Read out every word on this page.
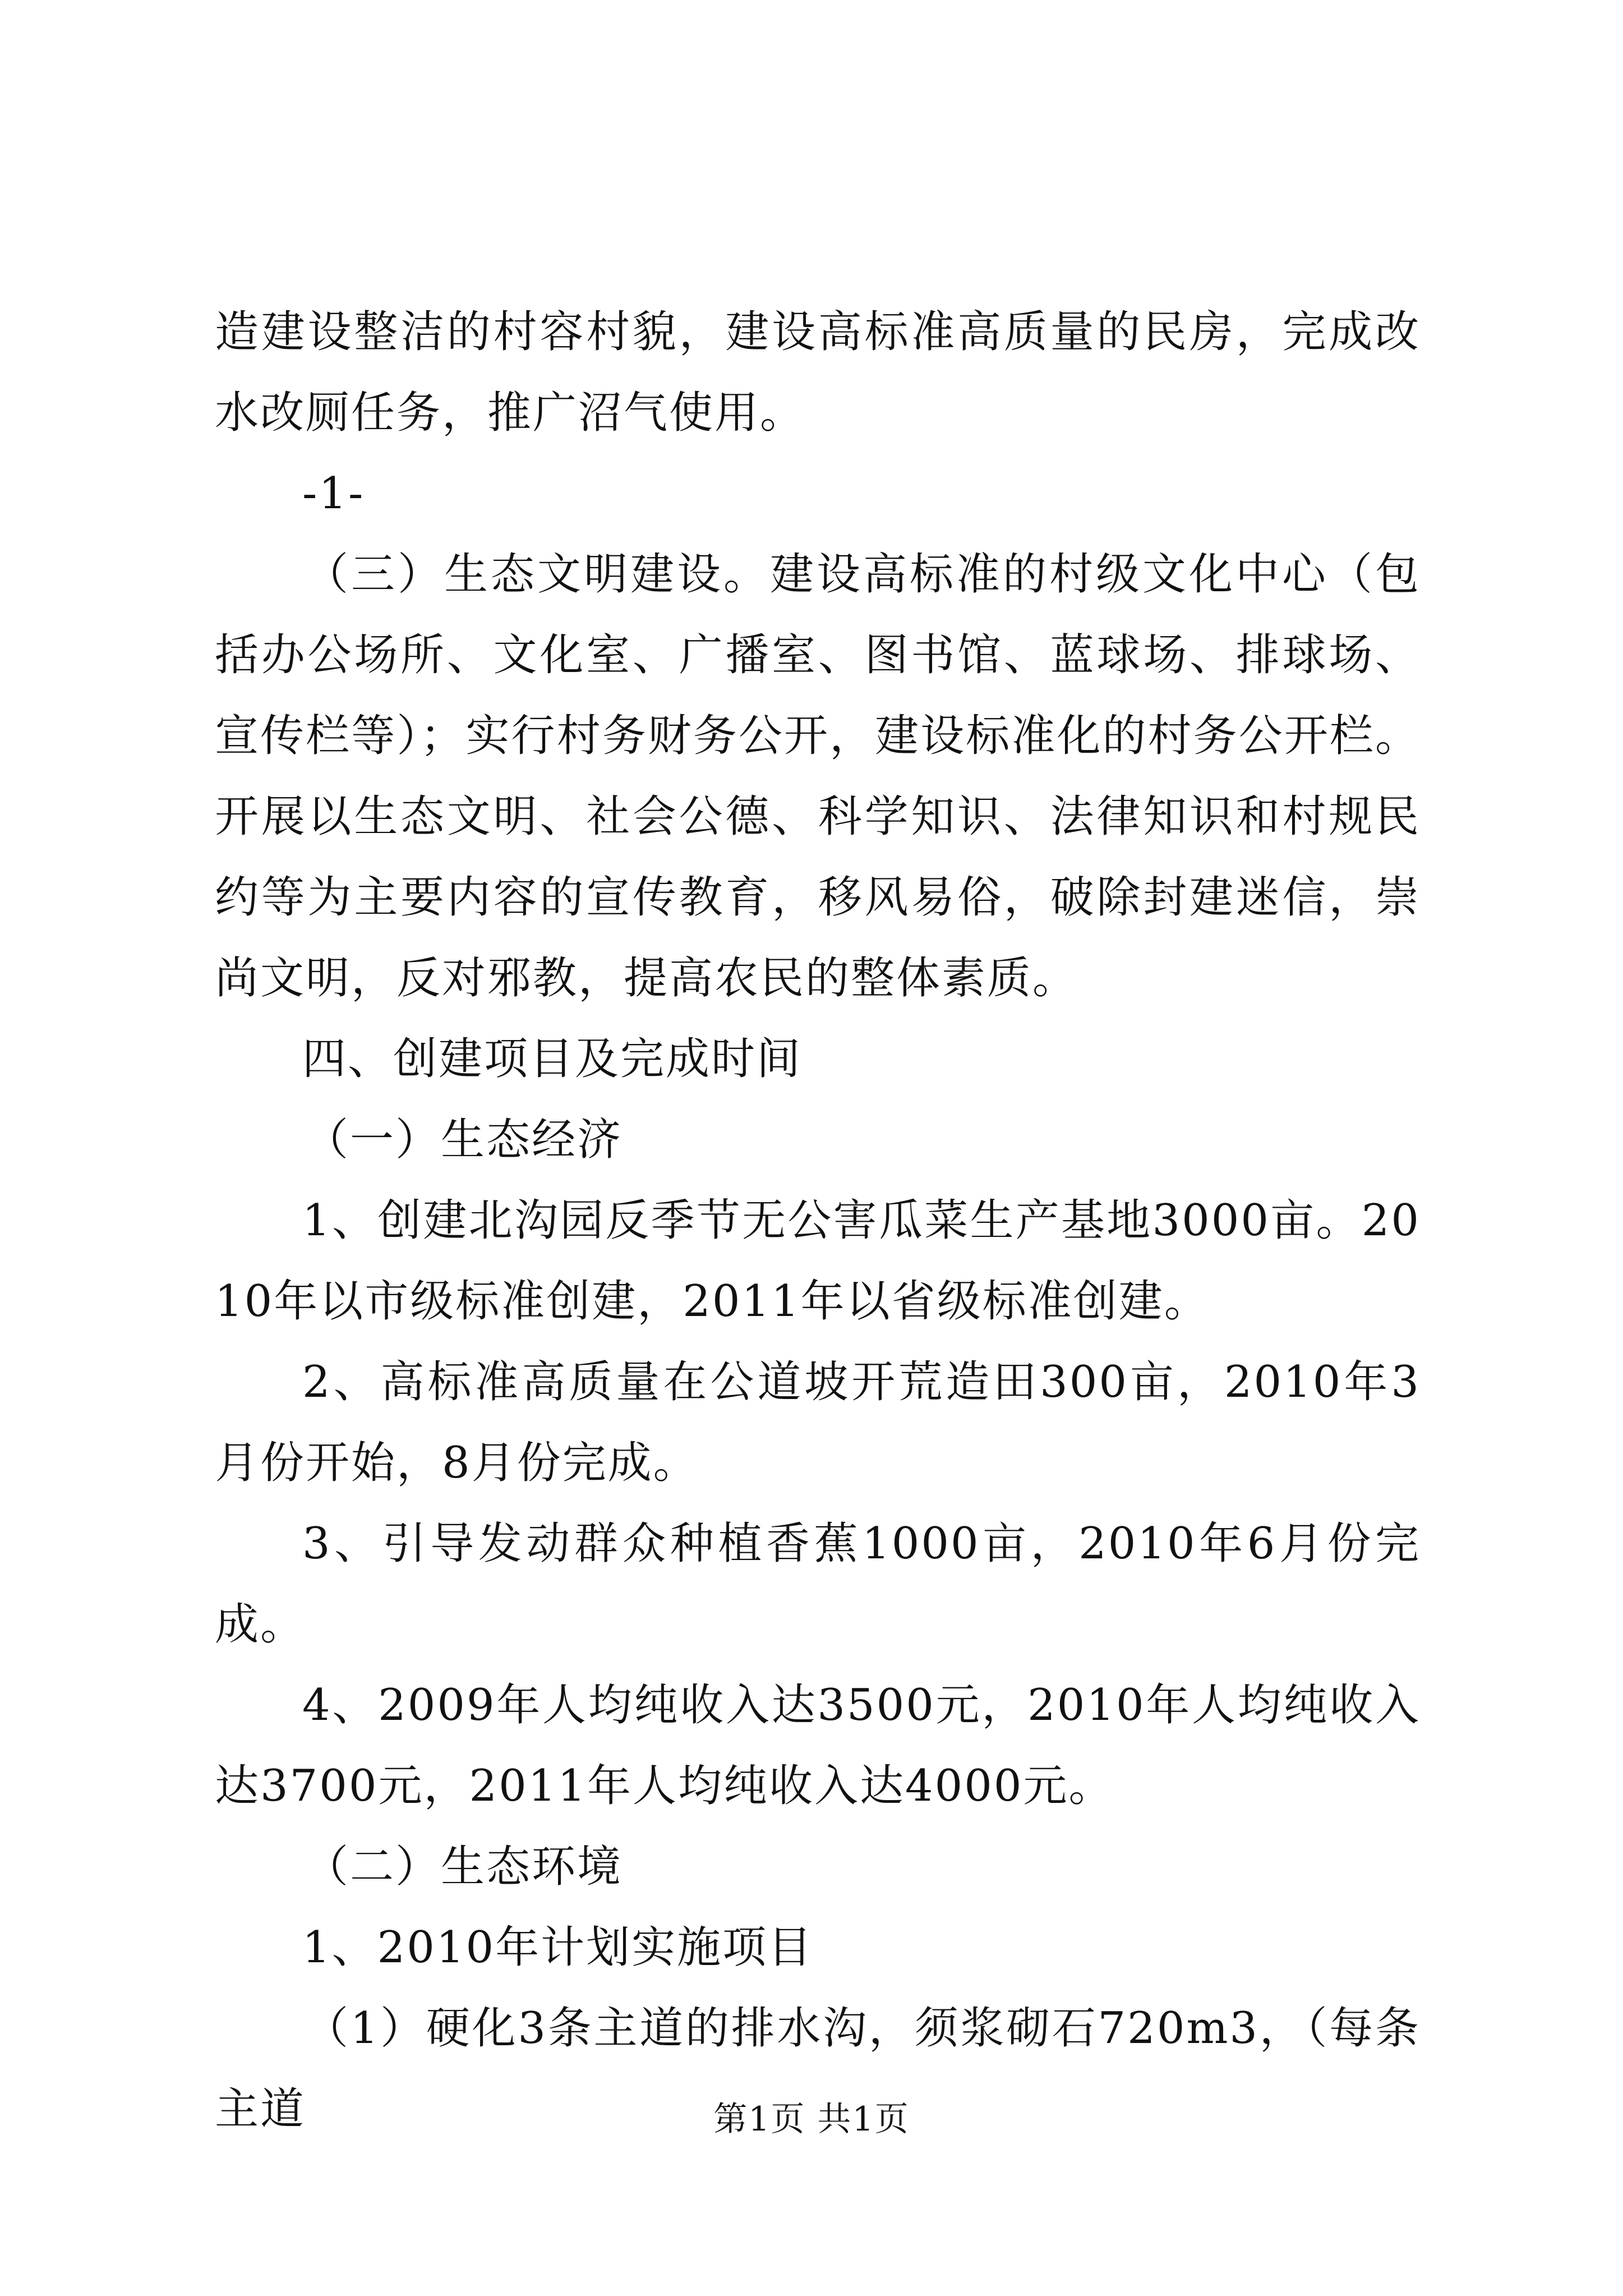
造建设整洁的村容村貌，建设高标准高质量的民房，完成改水改厕任务，推广沼气使用。

-1-

（三）生态文明建设。建设高标准的村级文化中心（包括办公场所、文化室、广播室、图书馆、蓝球场、排球场、宣传栏等）；实行村务财务公开，建设标准化的村务公开栏。开展以生态文明、社会公德、科学知识、法律知识和村规民约等为主要内容的宣传教育，移风易俗，破除封建迷信，崇尚文明，反对邪教，提高农民的整体素质。

四、创建项目及完成时间

（一）生态经济

1、创建北沟园反季节无公害瓜菜生产基地3000亩。2010年以市级标准创建，2011年以省级标准创建。

2、高标准高质量在公道坡开荒造田300亩，2010年3月份开始，8月份完成。

3、引导发动群众种植香蕉1000亩，2010年6月份完成。

4、2009年人均纯收入达3500元，2010年人均纯收入达3700元，2011年人均纯收入达4000元。

（二）生态环境

1、2010年计划实施项目

（1）硬化3条主道的排水沟，须浆砌石720m3，（每条主道	第1页 共1页
